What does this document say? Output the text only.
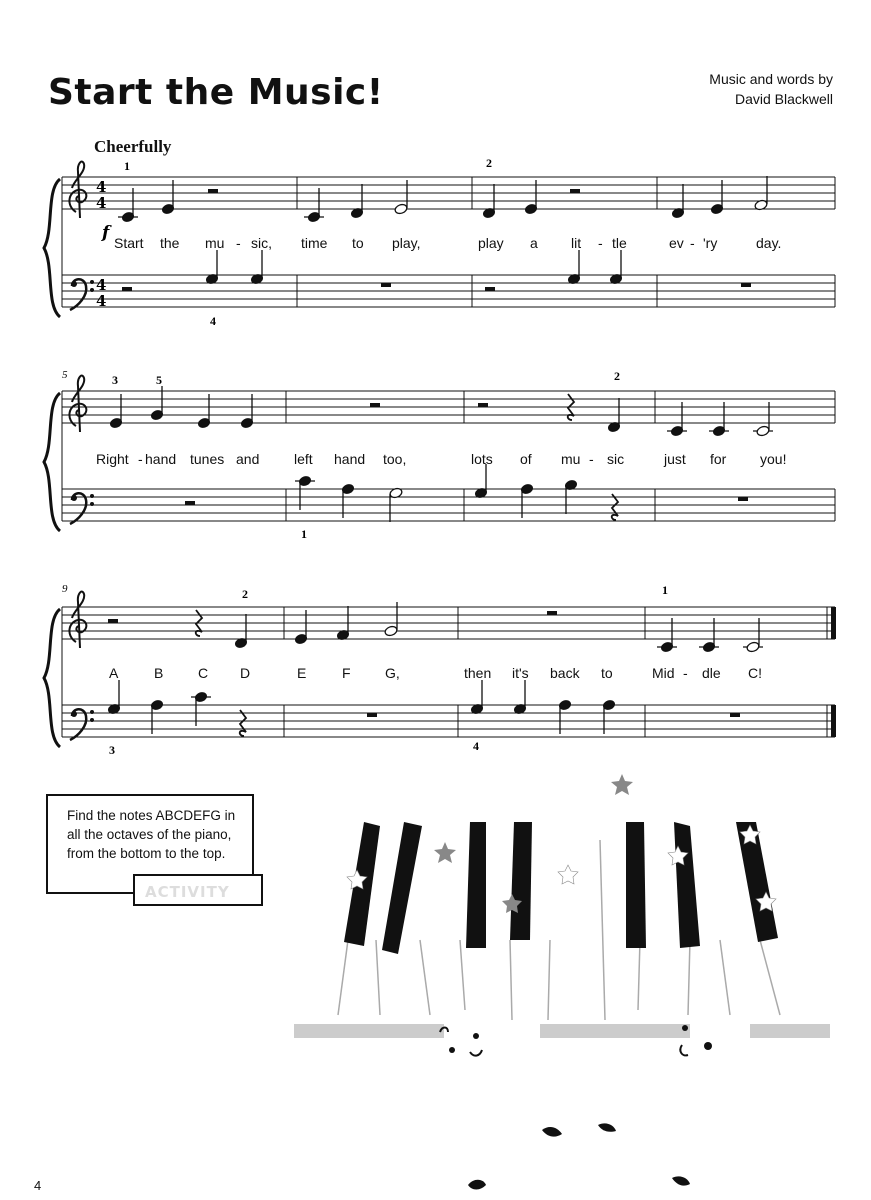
Start the Music!	Music and words by
David Blackwell
Cheerfully
4
4
4
4
f
1	2
4
Start the mu - sic, time to play,	play a lit - tle	ev - 'ry	day.
5	3	5	2
1
Right - hand tunes and left hand too,	lots of mu - sic	just for you!
9	2	1
3	4
A	B C D	E	F G,	then it's back to	Mid - dle C!

Find the notes ABCDEFG in all the octaves of the piano, from the bottom to the top.

ACTIVITY
4
